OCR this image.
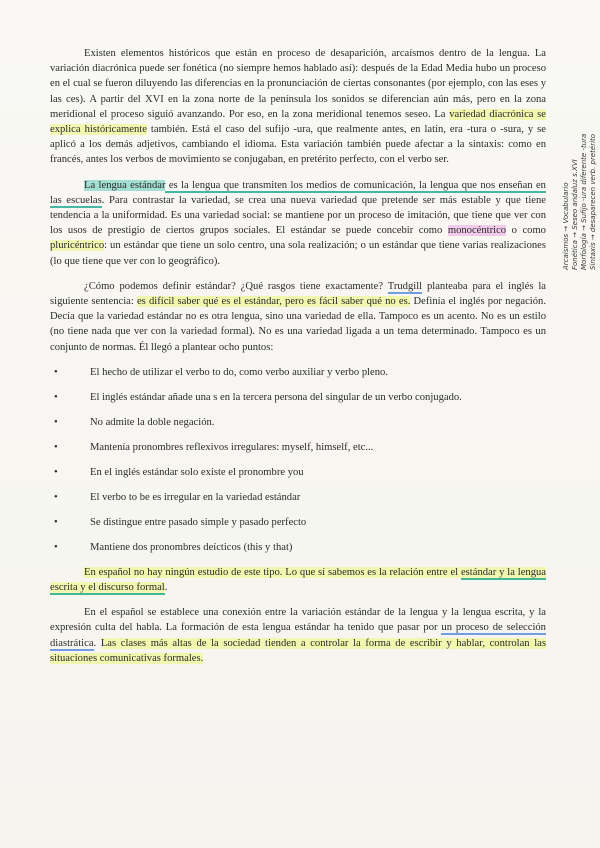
Arcaísmos → Vocabulario Fonética → Seseo andaluz s.XVI Morfología → Sufijo -ura diferente -tura Sintaxis → desaparecen verb. pretérito

Existen elementos históricos que están en proceso de desaparición, arcaísmos dentro de la lengua. La variación diacrónica puede ser fonética (no siempre hemos hablado así): después de la Edad Media hubo un proceso en el cual se fueron diluyendo las diferencias en la pronunciación de ciertas consonantes (por ejemplo, con las eses y las ces). A partir del XVI en la zona norte de la península los sonidos se diferencian aún más, pero en la zona meridional el proceso siguió avanzando. Por eso, en la zona meridional tenemos seseo. La variedad diacrónica se explica históricamente también. Está el caso del sufijo -ura, que realmente antes, en latín, era -tura o -sura, y se aplicó a los demás adjetivos, cambiando el idioma. Esta variación también puede afectar a la sintaxis: como en francés, antes los verbos de movimiento se conjugaban, en pretérito perfecto, con el verbo ser.

La lengua estándar es la lengua que transmiten los medios de comunicación, la lengua que nos enseñan en las escuelas. Para contrastar la variedad, se crea una nueva variedad que pretende ser más estable y que tiene tendencia a la uniformidad. Es una variedad social: se mantiene por un proceso de imitación, que tiene que ver con los usos de prestigio de ciertos grupos sociales. El estándar se puede concebir como monocéntrico o como pluricéntrico: un estándar que tiene un solo centro, una sola realización; o un estándar que tiene varias realizaciones (lo que tiene que ver con lo geográfico).

¿Cómo podemos definir estándar? ¿Qué rasgos tiene exactamente? Trudgill planteaba para el inglés la siguiente sentencia: es difícil saber qué es el estándar, pero es fácil saber qué no es. Definía el inglés por negación. Decía que la variedad estándar no es otra lengua, sino una variedad de ella. Tampoco es un acento. No es un estilo (no tiene nada que ver con la variedad formal). No es una variedad ligada a un tema determinado. Tampoco es un conjunto de normas. Él llegó a plantear ocho puntos:

•	El hecho de utilizar el verbo to do, como verbo auxiliar y verbo pleno.
•	El inglés estándar añade una s en la tercera persona del singular de un verbo conjugado.
•	No admite la doble negación.
•	Mantenía pronombres reflexivos irregulares: myself, himself, etc...
•	En el inglés estándar solo existe el pronombre you
•	El verbo to be es irregular en la variedad estándar
•	Se distingue entre pasado simple y pasado perfecto
•	Mantiene dos pronombres deícticos (this y that)

En español no hay ningún estudio de este tipo. Lo que sí sabemos es la relación entre el estándar y la lengua escrita y el discurso formal.

En el español se establece una conexión entre la variación estándar de la lengua y la lengua escrita, y la expresión culta del habla. La formación de esta lengua estándar ha tenido que pasar por un proceso de selección diastrática. Las clases más altas de la sociedad tienden a controlar la forma de escribir y hablar, controlan las situaciones comunicativas formales.
